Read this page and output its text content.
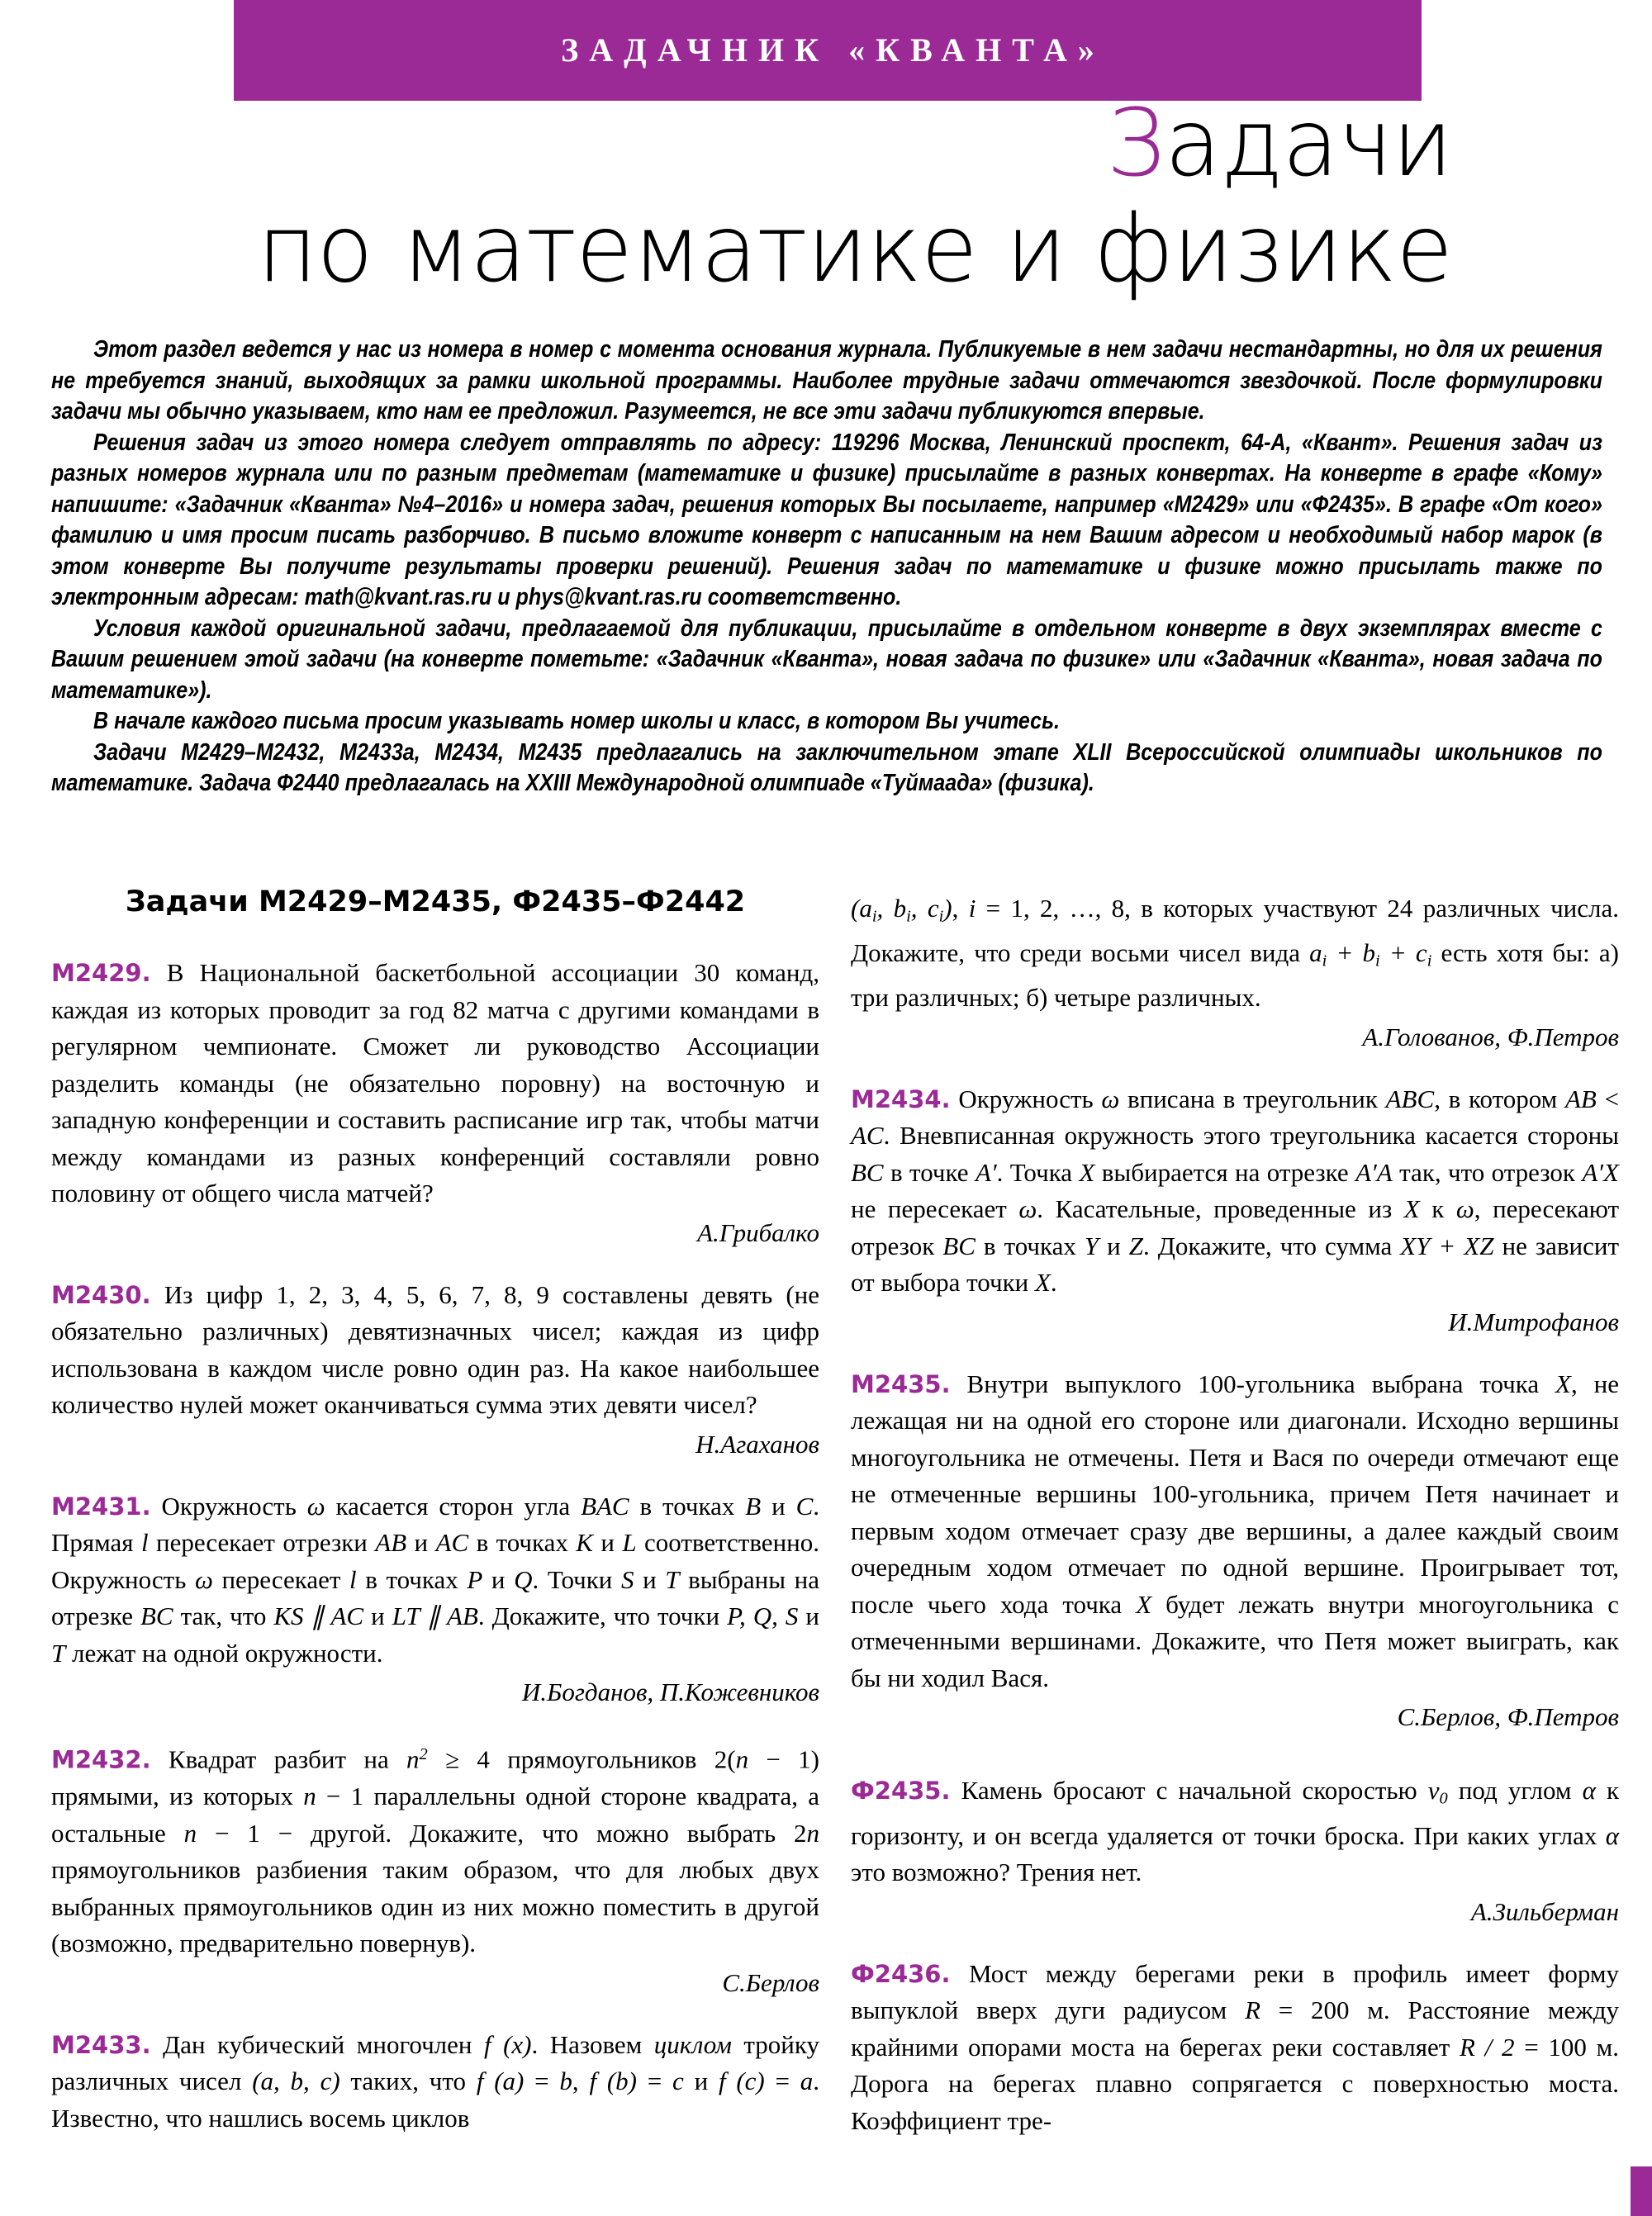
ЗАДАЧНИК «КВАНТА»
Задачи
по математике и физике

Этот раздел ведется у нас из номера в номер с момента основания журнала. Публикуемые в нем задачи нестандартны, но для их решения не требуется знаний, выходящих за рамки школьной программы. Наиболее трудные задачи отмечаются звездочкой. После формулировки задачи мы обычно указываем, кто нам ее предложил. Разумеется, не все эти задачи публикуются впервые.

Решения задач из этого номера следует отправлять по адресу: 119296 Москва, Ленинский проспект, 64-А, «Квант». Решения задач из разных номеров журнала или по разным предметам (математике и физике) присылайте в разных конвертах. На конверте в графе «Кому» напишите: «Задачник «Кванта» №4–2016» и номера задач, решения которых Вы посылаете, например «М2429» или «Ф2435». В графе «От кого» фамилию и имя просим писать разборчиво. В письмо вложите конверт с написанным на нем Вашим адресом и необходимый набор марок (в этом конверте Вы получите результаты проверки решений). Решения задач по математике и физике можно присылать также по электронным адресам: math@kvant.ras.ru и phys@kvant.ras.ru соответственно.

Условия каждой оригинальной задачи, предлагаемой для публикации, присылайте в отдельном конверте в двух экземплярах вместе с Вашим решением этой задачи (на конверте пометьте: «Задачник «Кванта», новая задача по физике» или «Задачник «Кванта», новая задача по математике»).

В начале каждого письма просим указывать номер школы и класс, в котором Вы учитесь.

Задачи М2429–М2432, М2433а, М2434, М2435 предлагались на заключительном этапе XLII Всероссийской олимпиады школьников по математике. Задача Ф2440 предлагалась на XXIII Международной олимпиаде «Туймаада» (физика).

Задачи М2429–М2435, Ф2435–Ф2442

М2429. В Национальной баскетбольной ассоциации 30 команд, каждая из которых проводит за год 82 матча с другими командами в регулярном чемпионате. Сможет ли руководство Ассоциации разделить команды (не обязательно поровну) на восточную и западную конференции и составить расписание игр так, чтобы матчи между командами из разных конференций составляли ровно половину от общего числа матчей?

А.Грибалко

М2430. Из цифр 1, 2, 3, 4, 5, 6, 7, 8, 9 составлены девять (не обязательно различных) девятизначных чисел; каждая из цифр использована в каждом числе ровно один раз. На какое наибольшее количество нулей может оканчиваться сумма этих девяти чисел?

Н.Агаханов

М2431. Окружность ω касается сторон угла BAC в точках B и C. Прямая l пересекает отрезки AB и AC в точках K и L соответственно. Окружность ω пересекает l в точках P и Q. Точки S и T выбраны на отрезке BC так, что KS ∥ AC и LT ∥ AB. Докажите, что точки P, Q, S и T лежат на одной окружности.

И.Богданов, П.Кожевников

М2432. Квадрат разбит на $n^2 \ge 4$ прямоугольников 2(n − 1) прямыми, из которых n − 1 параллельны одной стороне квадрата, а остальные n − 1 − другой. Докажите, что можно выбрать 2n прямоугольников разбиения таким образом, что для любых двух выбранных прямоугольников один из них можно поместить в другой (возможно, предварительно повернув).

С.Берлов

М2433. Дан кубический многочлен f (x). Назовем циклом тройку различных чисел (a, b, c) таких, что f (a) = b, f (b) = c и f (c) = a. Известно, что нашлись восемь циклов

($a_i$, $b_i$, $c_i$), i = 1, 2, …, 8, в которых участвуют 24 различных числа. Докажите, что среди восьми чисел вида $a_i + b_i + c_i$ есть хотя бы: а) три различных; б) четыре различных.

А.Голованов, Ф.Петров

М2434. Окружность ω вписана в треугольник ABC, в котором AB < AC. Вневписанная окружность этого треугольника касается стороны BC в точке A′. Точка X выбирается на отрезке A′A так, что отрезок A′X не пересекает ω. Касательные, проведенные из X к ω, пересекают отрезок BC в точках Y и Z. Докажите, что сумма XY + XZ не зависит от выбора точки X.

И.Митрофанов

М2435. Внутри выпуклого 100-угольника выбрана точка X, не лежащая ни на одной его стороне или диагонали. Исходно вершины многоугольника не отмечены. Петя и Вася по очереди отмечают еще не отмеченные вершины 100-угольника, причем Петя начинает и первым ходом отмечает сразу две вершины, а далее каждый своим очередным ходом отмечает по одной вершине. Проигрывает тот, после чьего хода точка X будет лежать внутри многоугольника с отмеченными вершинами. Докажите, что Петя может выиграть, как бы ни ходил Вася.

С.Берлов, Ф.Петров

Ф2435. Камень бросают с начальной скоростью $v_0$ под углом α к горизонту, и он всегда удаляется от точки броска. При каких углах α это возможно? Трения нет.

А.Зильберман

Ф2436. Мост между берегами реки в профиль имеет форму выпуклой вверх дуги радиусом R = 200 м. Расстояние между крайними опорами моста на берегах реки составляет R / 2 = 100 м. Дорога на берегах плавно сопрягается с поверхностью моста. Коэффициент тре-
